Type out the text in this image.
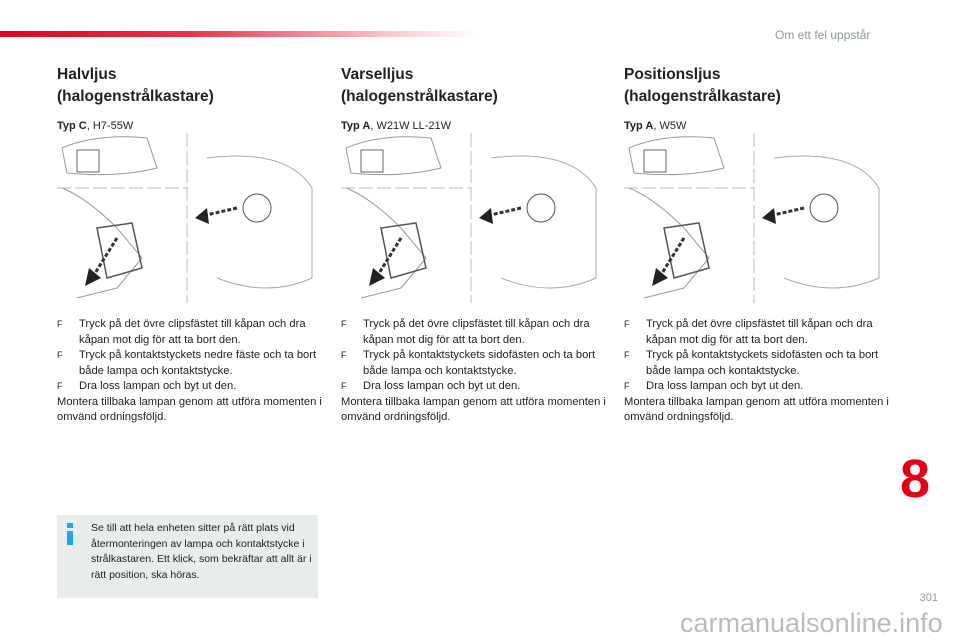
Om ett fel uppstår
Halvljus
(halogenstrålkastare)
Typ C, H7-55W
F Tryck på det övre clipsfästet till kåpan och dra kåpan mot dig för att ta bort den.
F Tryck på kontaktstyckets nedre fäste och ta bort både lampa och kontaktstycke.
F Dra loss lampan och byt ut den.
Montera tillbaka lampan genom att utföra momenten i omvänd ordningsföljd.
Varselljus
(halogenstrålkastare)
Typ A, W21W LL-21W
F Tryck på det övre clipsfästet till kåpan och dra kåpan mot dig för att ta bort den.
F Tryck på kontaktstyckets sidofästen och ta bort både lampa och kontaktstycke.
F Dra loss lampan och byt ut den.
Montera tillbaka lampan genom att utföra momenten i omvänd ordningsföljd.
Positionsljus
(halogenstrålkastare)
Typ A, W5W
F Tryck på det övre clipsfästet till kåpan och dra kåpan mot dig för att ta bort den.
F Tryck på kontaktstyckets sidofästen och ta bort både lampa och kontaktstycke.
F Dra loss lampan och byt ut den.
Montera tillbaka lampan genom att utföra momenten i omvänd ordningsföljd.

Se till att hela enheten sitter på rätt plats vid återmonteringen av lampa och kontaktstycke i strålkastaren. Ett klick, som bekräftar att allt är i rätt position, ska höras.

8
301
carmanualsonline.info
